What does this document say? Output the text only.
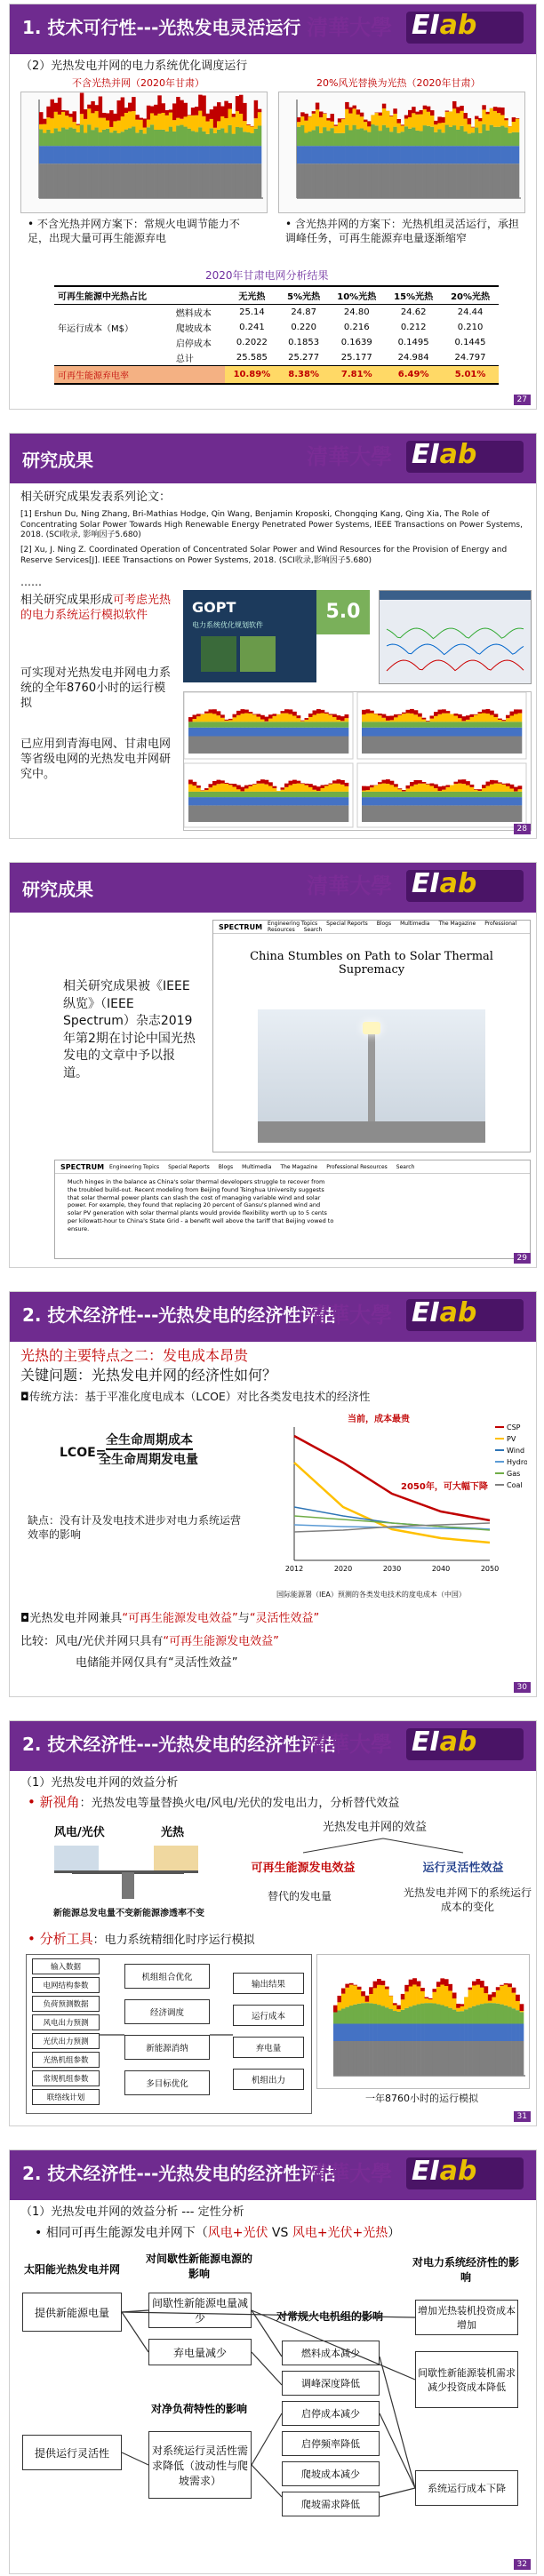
1. 技术可行性---光热发电灵活运行 清華大學 EIab
（2）光热发电并网的电力系统优化调度运行
不含光热并网（2020年甘肃）	20%风光替换为光热（2020年甘肃）
• 不含光热并网方案下：常规火电调节能力不足，出现大量可再生能源弃电
• 含光热并网的方案下：光热机组灵活运行，承担调峰任务，可再生能源弃电量逐渐缩窄
2020年甘肃电网分析结果
可再生能源中光热占比		无光热	5%光热	10%光热	15%光热	20%光热
	燃料成本	25.14	24.87	24.80	24.62	24.44
年运行成本（M$）	爬坡成本	0.241	0.220	0.216	0.212	0.210
	启停成本	0.2022	0.1853	0.1639	0.1495	0.1445
	总计	25.585	25.277	25.177	24.984	24.797
可再生能源弃电率		10.89%	8.38%	7.81%	6.49%	5.01%
27
研究成果	清華大學 EIab
相关研究成果发表系列论文：
[1] Ershun Du, Ning Zhang, Bri-Mathias Hodge, Qin Wang, Benjamin Kroposki, Chongqing Kang, Qing Xia, The Role of Concentrating Solar Power Towards High Renewable Energy Penetrated Power Systems, IEEE Transactions on Power Systems, 2018. (SCI收录, 影响因子5.680)
[2] Xu, J. Ning Z. Coordinated Operation of Concentrated Solar Power and Wind Resources for the Provision of Energy and Reserve Services[J]. IEEE Transactions on Power Systems, 2018. (SCI收录,影响因子5.680)
……
相关研究成果形成可考虑光热的电力系统运行模拟软件
可实现对光热发电并网电力系统的全年8760小时的运行模拟
已应用到青海电网、甘肃电网等省级电网的光热发电并网研究中。
GOPT
电力系统优化规划软件
5.0
28
研究成果	清華大學 EIab
相关研究成果被《IEEE纵览》（IEEE Spectrum）杂志2019年第2期在讨论中国光热发电的文章中予以报道。
SPECTRUM Engineering Topics Special Reports Blogs Multimedia The Magazine Professional Resources Search
China Stumbles on Path to Solar Thermal Supremacy
SPECTRUM Engineering Topics Special Reports Blogs Multimedia The Magazine Professional Resources Search
Much hinges in the balance as China's solar thermal developers struggle to recover from the troubled build-out. Recent modeling from Beijing found Tsinghua University suggests that solar thermal power plants can slash the cost of managing variable wind and solar power. For example, they found that replacing 20 percent of Gansu's planned wind and solar PV generation with solar thermal plants would provide flexibility worth up to 5 cents per kilowatt-hour to China's State Grid - a benefit well above the tariff that Beijing vowed to ensure.
29
2. 技术经济性---光热发电的经济性评估
清華大學 EIab
光热的主要特点之二：发电成本昂贵
关键问题：光热发电并网的经济性如何？
◘传统方法：基于平准化度电成本（LCOE）对比各类发电技术的经济性
LCOE=
全生命周期成本
全生命周期发电量
缺点：没有计及发电技术进步对电力系统运营效率的影响
2012	2020	2030	2040	2050
CSP
PV
Wind
Hydro
Gas
Coal
当前，成本最贵
2050年，可大幅下降
国际能源署（IEA）预测的各类发电技术的度电成本（中国）
◘光热发电并网兼具“可再生能源发电效益”与“灵活性效益”
比较：风电/光伏并网只具有“可再生能源发电效益”
电储能并网仅具有“灵活性效益”
30
2. 技术经济性---光热发电的经济性评估
清華大學 EIab
（1）光热发电并网的效益分析
• 新视角：光热发电等量替换火电/风电/光伏的发电出力，分析替代效益
风电/光伏	光热
新能源总发电量不变新能源渗透率不变
光热发电并网的效益
可再生能源发电效益	运行灵活性效益
替代的发电量	光热发电并网下的系统运行成本的变化
• 分析工具：电力系统精细化时序运行模拟
输入数据
电网结构参数
负荷预测数据
风电出力预测
光伏出力预测
光热机组参数
常规机组参数
联络线计划
机组组合优化
经济调度
新能源消纳
多目标优化
输出结果
运行成本
弃电量
机组出力
一年8760小时的运行模拟
31
2. 技术经济性---光热发电的经济性评估
清華大學 EIab
（1）光热发电并网的效益分析 --- 定性分析
• 相同可再生能源发电并网下（风电+光伏 VS 风电+光伏+光热）
太阳能光热发电并网
提供新能源电量
提供运行灵活性
对间歇性新能源电源的影响
间歇性新能源电量减少
弃电量减少
对净负荷特性的影响
对系统运行灵活性需求降低（波动性与爬坡需求）
对常规火电机组的影响
燃料成本减少
调峰深度降低
启停成本减少
启停频率降低
爬坡成本减少
爬坡需求降低
对电力系统经济性的影响
增加光热装机投资成本增加
间歇性新能源装机需求减少投资成本降低
系统运行成本下降
32
